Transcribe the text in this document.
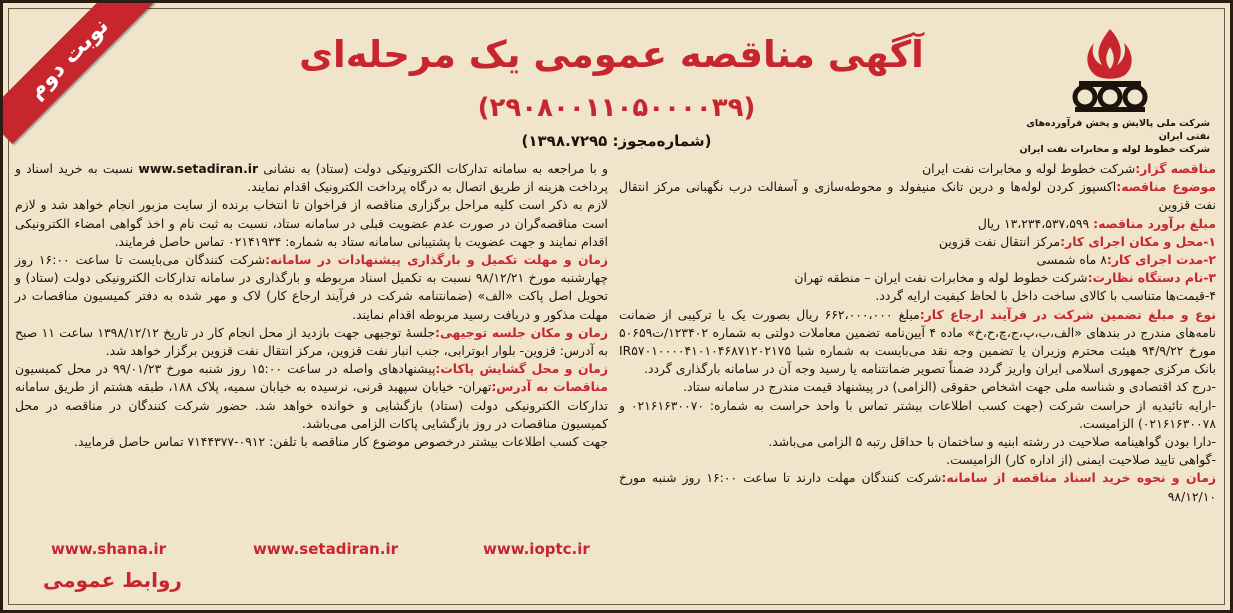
نوبت دوم
شرکت ملی پالایش و پخش فرآورده‌های نفتی ایران
شرکت خطوط لوله و مخابرات نفت ایران
آگهی مناقصه عمومی یک مرحله‌ای
(۲۹۰۸۰۰۱۱۰۵۰۰۰۰۳۹)
(شماره‌مجوز: ۱۳۹۸.۷۲۹۵)

مناقصه گزار:شرکت خطوط لوله و مخابرات نفت ایران

موضوع مناقصه:اکسپوز کردن لوله‌ها و درین تانک منیفولد و محوطه‌سازی و آسفالت درب نگهبانی مرکز انتقال نفت قزوین

مبلغ برآورد مناقصه: ۱۳،۲۳۴،۵۳۷،۵۹۹ ریال

۱-محل و مکان اجرای کار:مرکز انتقال نفت قزوین

۲-مدت اجرای کار:۸ ماه شمسی

۳-نام دستگاه نظارت:شرکت خطوط لوله و مخابرات نفت ایران – منطقه تهران

۴-قیمت‌ها متناسب با کالای ساخت داخل با لحاظ کیفیت ارایه گردد.

نوع و مبلغ تضمین شرکت در فرآیند ارجاع کار:مبلغ ۶۶۲،۰۰۰،۰۰۰ ریال بصورت یک یا ترکیبی از ضمانت نامه‌های مندرج در بندهای «الف،ب،پ،ج،چ،ح،خ» ماده ۴ آیین‌نامه تضمین معاملات دولتی به شماره ۱۲۳۴۰۲/ت۵۰۶۵۹ مورخ ۹۴/۹/۲۲ هیئت محترم وزیران یا تضمین وجه نقد می‌بایست به شماره شبا IR۵۷۰۱۰۰۰۰۴۱۰۱۰۴۶۸۷۱۲۰۲۱۷۵ بانک مرکزی جمهوری اسلامی ایران واریز گردد ضمناً تصویر ضمانتنامه یا رسید وجه آن در سامانه بارگذاری گردد.

-درج کد اقتصادی و شناسه ملی جهت اشخاص حقوقی (الزامی) در پیشنهاد قیمت مندرج در سامانه ستاد.

-ارایه تائیدیه از حراست شرکت (جهت کسب اطلاعات بیشتر تماس با واحد حراست به شماره: ۰۲۱۶۱۶۳۰۰۷۰ و ۰۲۱۶۱۶۳۰۰۷۸) الزامیست.

-دارا بودن گواهینامه صلاحیت در رشته ابنیه و ساختمان با حداقل رتبه ۵ الزامی می‌باشد.

-گواهی تایید صلاحیت ایمنی (از اداره کار) الزامیست.

زمان و نحوه خرید اسناد مناقصه از سامانه:شرکت کنندگان مهلت دارند تا ساعت ۱۶:۰۰ روز شنبه مورخ ۹۸/۱۲/۱۰

و با مراجعه به سامانه تدارکات الکترونیکی دولت (ستاد) به نشانی www.setadiran.ir نسبت به خرید اسناد و پرداخت هزینه از طریق اتصال به درگاه پرداخت الکترونیک اقدام نمایند.

لازم به ذکر است کلیه مراحل برگزاری مناقصه از فراخوان تا انتخاب برنده از سایت مزبور انجام خواهد شد و لازم است مناقصه‌گران در صورت عدم عضویت قبلی در سامانه ستاد، نسبت به ثبت نام و اخذ گواهی امضاء الکترونیکی اقدام نمایند و جهت عضویت با پشتیبانی سامانه ستاد به شماره: ۰۲۱۴۱۹۳۴ تماس حاصل فرمایند.

زمان و مهلت تکمیل و بارگذاری پیشنهادات در سامانه:شرکت کنندگان می‌بایست تا ساعت ۱۶:۰۰ روز چهارشنبه مورخ ۹۸/۱۲/۲۱ نسبت به تکمیل اسناد مربوطه و بارگذاری در سامانه تدارکات الکترونیکی دولت (ستاد) و تحویل اصل پاکت «الف» (ضمانتنامه شرکت در فرآیند ارجاع کار) لاک و مهر شده به دفتر کمیسیون مناقصات در مهلت مذکور و دریافت رسید مربوطه اقدام نمایند.

زمان و مکان جلسه توجیهی:جلسهٔ توجیهی جهت بازدید از محل انجام کار در تاریخ ۱۳۹۸/۱۲/۱۲ ساعت ۱۱ صبح به آدرس: قزوین- بلوار ابوترابی، جنب انبار نفت قزوین، مرکز انتقال نفت قزوین برگزار خواهد شد.

زمان و محل گشایش پاکات:پیشنهادهای واصله در ساعت ۱۵:۰۰ روز شنبه مورخ ۹۹/۰۱/۲۳ در محل کمیسیون مناقصات به آدرس:تهران- خیابان سپهبد قرنی، نرسیده به خیابان سمیه، پلاک ۱۸۸، طبقه هشتم از طریق سامانه تدارکات الکترونیکی دولت (ستاد) بازگشایی و خوانده خواهد شد. حضور شرکت کنندگان در مناقصه در محل کمیسیون مناقصات در روز بازگشایی پاکات الزامی می‌باشد.

جهت کسب اطلاعات بیشتر درخصوص موضوع کار مناقصه با تلفن: ۰۹۱۲-۷۱۴۴۳۷۷ تماس حاصل فرمایید.

www.shana.ir	www.setadiran.ir	www.ioptc.ir
روابط عمومی
